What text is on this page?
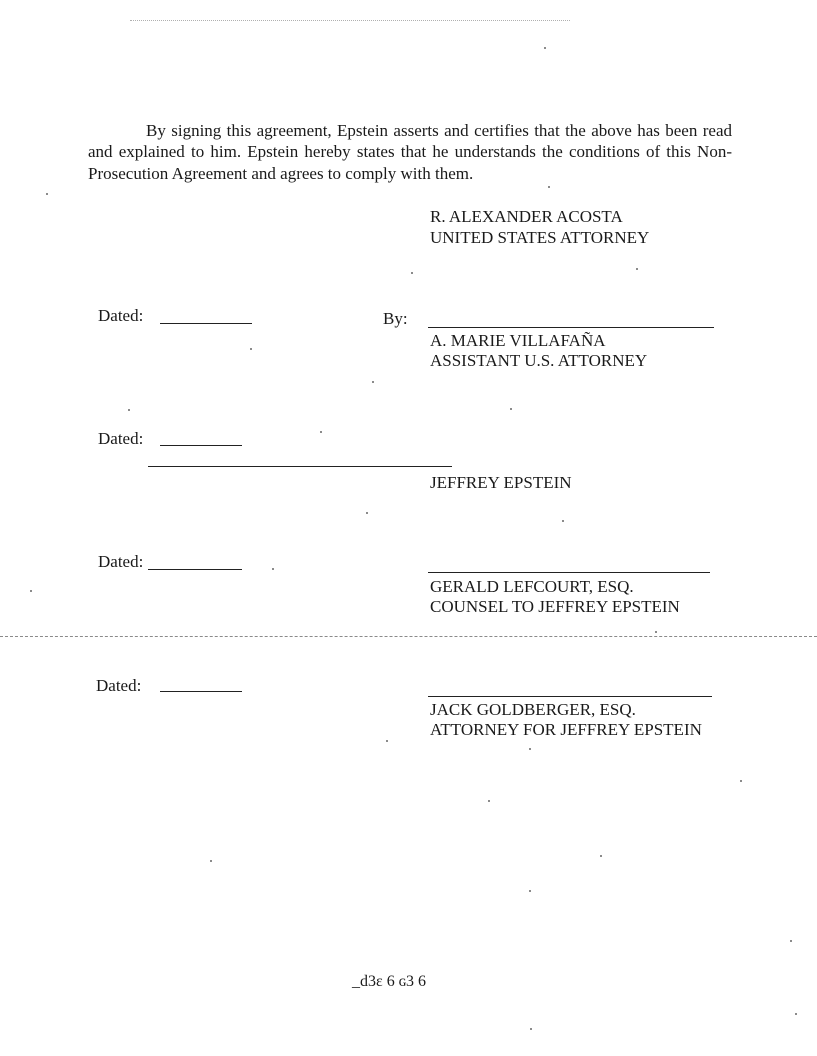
By signing this agreement, Epstein asserts and certifies that the above has been read and explained to him. Epstein hereby states that he understands the conditions of this Non-Prosecution Agreement and agrees to comply with them.
R. ALEXANDER ACOSTA
UNITED STATES ATTORNEY
Dated:	By:
A. MARIE VILLAFAÑA
ASSISTANT U.S. ATTORNEY
Dated:
JEFFREY EPSTEIN
Dated:
GERALD LEFCOURT, ESQ.
COUNSEL TO JEFFREY EPSTEIN
Dated:
JACK GOLDBERGER, ESQ.
ATTORNEY FOR JEFFREY EPSTEIN
_d3ɛ 6 ɢ3 6
